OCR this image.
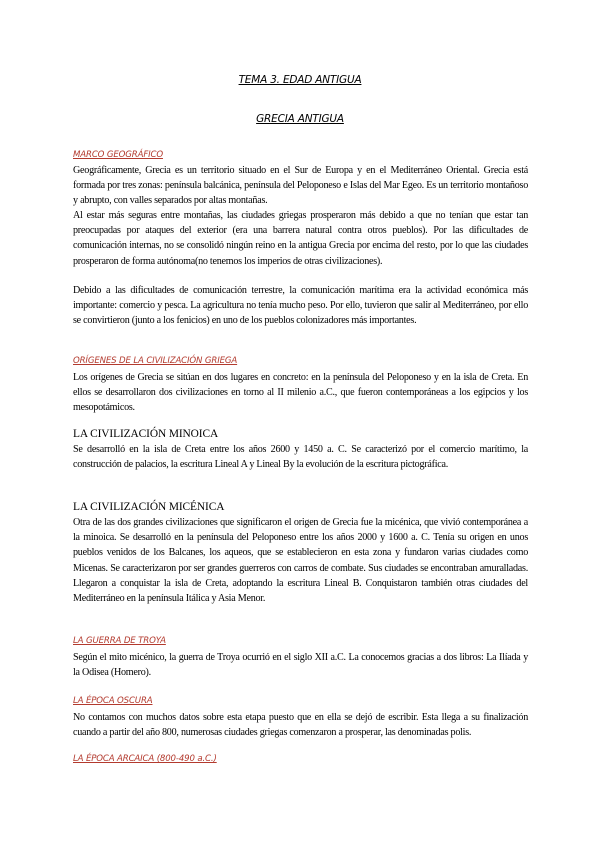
TEMA 3. EDAD ANTIGUA
GRECIA ANTIGUA
MARCO GEOGRÁFICO

Geográficamente, Grecia es un territorio situado en el Sur de Europa y en el Mediterráneo Oriental. Grecia está formada por tres zonas: península balcánica, península del Peloponeso e Islas del Mar Egeo. Es un territorio montañoso y abrupto, con valles separados por altas montañas.

Al estar más seguras entre montañas, las ciudades griegas prosperaron más debido a que no tenían que estar tan preocupadas por ataques del exterior (era una barrera natural contra otros pueblos). Por las dificultades de comunicación internas, no se consolidó ningún reino en la antigua Grecia por encima del resto, por lo que las ciudades prosperaron de forma autónoma(no tenemos los imperios de otras civilizaciones).

Debido a las dificultades de comunicación terrestre, la comunicación marítima era la actividad económica más importante: comercio y pesca. La agricultura no tenía mucho peso. Por ello, tuvieron que salir al Mediterráneo, por ello se convirtieron (junto a los fenicios) en uno de los pueblos colonizadores más importantes.

ORÍGENES DE LA CIVILIZACIÓN GRIEGA

Los orígenes de Grecia se sitúan en dos lugares en concreto: en la península del Peloponeso y en la isla de Creta. En ellos se desarrollaron dos civilizaciones en torno al II milenio a.C., que fueron contemporáneas a los egipcios y los mesopotámicos.

LA CIVILIZACIÓN MINOICA

Se desarrolló en la isla de Creta entre los años 2600 y 1450 a. C. Se caracterizó por el comercio marítimo, la construcción de palacios, la escritura Lineal A y Lineal By la evolución de la escritura pictográfica.

LA CIVILIZACIÓN MICÉNICA

Otra de las dos grandes civilizaciones que significaron el origen de Grecia fue la micénica, que vivió contemporánea a la minoica. Se desarrolló en la península del Peloponeso entre los años 2000 y 1600 a. C. Tenía su origen en unos pueblos venidos de los Balcanes, los aqueos, que se establecieron en esta zona y fundaron varias ciudades como Micenas. Se caracterizaron por ser grandes guerreros con carros de combate. Sus ciudades se encontraban amuralladas. Llegaron a conquistar la isla de Creta, adoptando la escritura Lineal B. Conquistaron también otras ciudades del Mediterráneo en la península Itálica y Asia Menor.

LA GUERRA DE TROYA

Según el mito micénico, la guerra de Troya ocurrió en el siglo XII a.C. La conocemos gracias a dos libros: La Ilíada y la Odisea (Homero).

LA ÉPOCA OSCURA

No contamos con muchos datos sobre esta etapa puesto que en ella se dejó de escribir. Esta llega a su finalización cuando a partir del año 800, numerosas ciudades griegas comenzaron a prosperar, las denominadas polis.

LA ÉPOCA ARCAICA (800-490 a.C.)
